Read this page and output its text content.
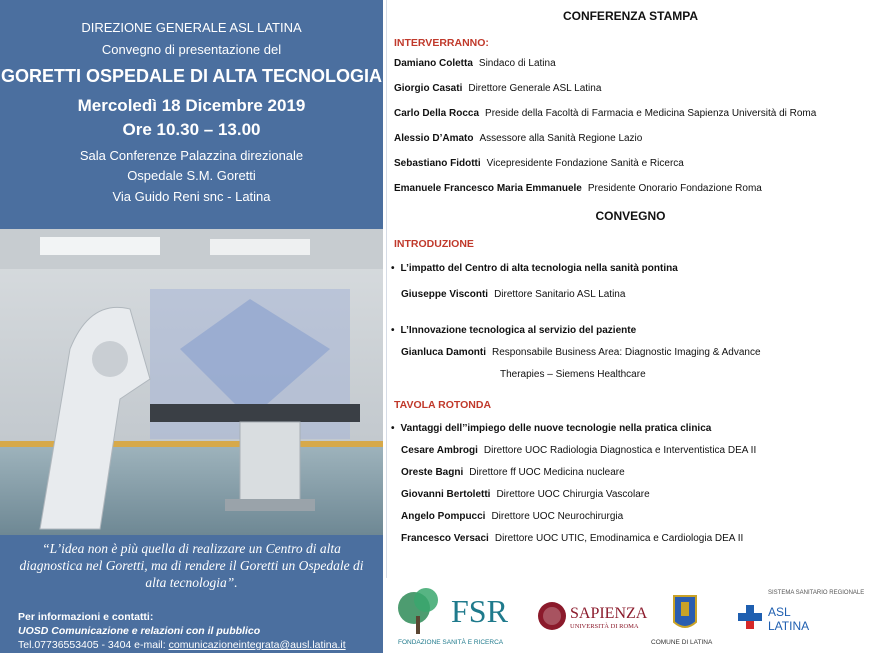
DIREZIONE GENERALE ASL LATINA
Convegno di presentazione del
GORETTI OSPEDALE DI ALTA TECNOLOGIA
Mercoledì 18 Dicembre 2019
Ore 10.30 – 13.00
Sala Conferenze Palazzina direzionale
Ospedale S.M. Goretti
Via Guido Reni snc - Latina
“L’idea non è più quella di realizzare un Centro di alta diagnostica nel Goretti, ma di rendere il Goretti un Ospedale di alta tecnologia”.
Per informazioni e contatti:
UOSD Comunicazione e relazioni con il pubblico
Tel.07736553405 - 3404 e-mail: comunicazioneintegrata@ausl.latina.it
CONFERENZA STAMPA
INTERVERRANNO:
Damiano Coletta Sindaco di Latina
Giorgio Casati Direttore Generale ASL Latina
Carlo Della Rocca Preside della Facoltà di Farmacia e Medicina Sapienza Università di Roma
Alessio D’Amato Assessore alla Sanità Regione Lazio
Sebastiano Fidotti Vicepresidente Fondazione Sanità e Ricerca
Emanuele Francesco Maria Emmanuele Presidente Onorario Fondazione Roma
CONVEGNO
INTRODUZIONE
• L’impatto del Centro di alta tecnologia nella sanità pontina
Giuseppe Visconti Direttore Sanitario ASL Latina
• L’Innovazione tecnologica al servizio del paziente
Gianluca Damonti Responsabile Business Area: Diagnostic Imaging & Advance
Therapies – Siemens Healthcare
TAVOLA ROTONDA
• Vantaggi dell’’impiego delle nuove tecnologie nella pratica clinica
Cesare Ambrogi Direttore UOC Radiologia Diagnostica e Interventistica DEA II
Oreste Bagni Direttore ff UOC Medicina nucleare
Giovanni Bertoletti Direttore UOC Chirurgia Vascolare
Angelo Pompucci Direttore UOC Neurochirurgia
Francesco Versaci Direttore UOC UTIC, Emodinamica e Cardiologia DEA II
FSR
FONDAZIONE SANITÀ E RICERCA
SAPIENZA
UNIVERSITÀ DI ROMA
COMUNE DI LATINA
SISTEMA SANITARIO REGIONALE
ASL
LATINA
